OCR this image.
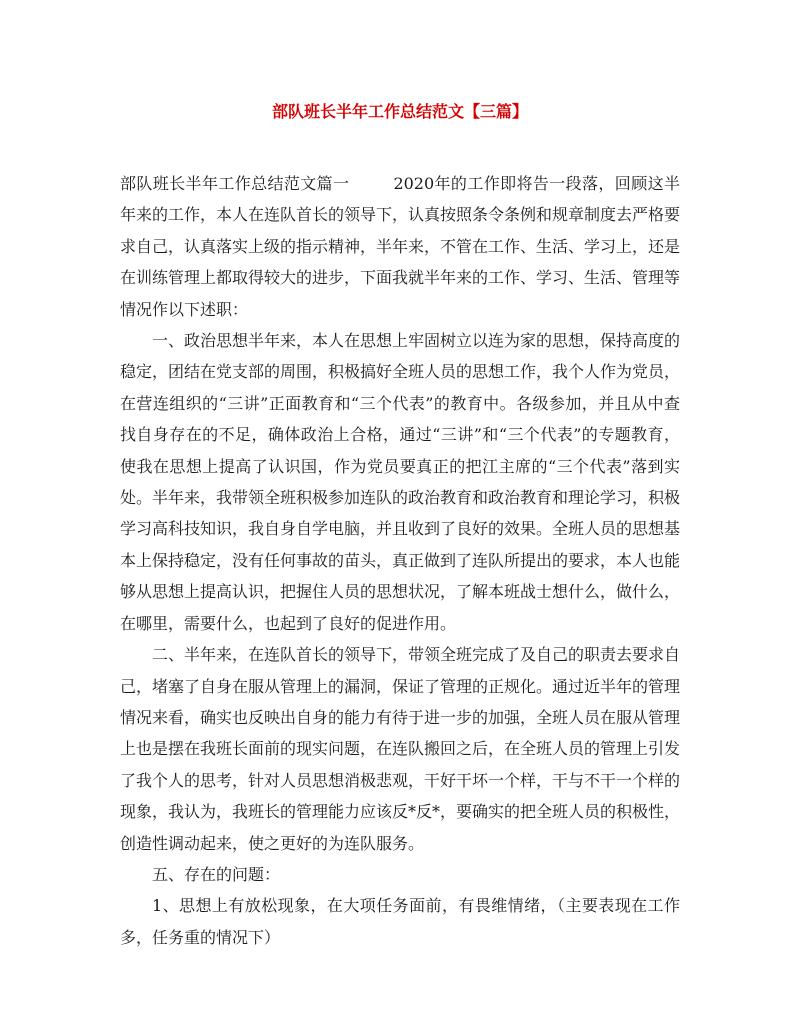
部队班长半年工作总结范文【三篇】

部队班长半年工作总结范文篇一	2020年的工作即将告一段落，回顾这半年来的工作，本人在连队首长的领导下，认真按照条令条例和规章制度去严格要求自己，认真落实上级的指示精神，半年来，不管在工作、生活、学习上，还是在训练管理上都取得较大的进步，下面我就半年来的工作、学习、生活、管理等情况作以下述职：

一、政治思想半年来，本人在思想上牢固树立以连为家的思想，保持高度的稳定，团结在党支部的周围，积极搞好全班人员的思想工作，我个人作为党员，在营连组织的“三讲”正面教育和“三个代表”的教育中。各级参加，并且从中查找自身存在的不足，确体政治上合格，通过“三讲”和“三个代表”的专题教育，使我在思想上提高了认识国，作为党员要真正的把江主席的“三个代表”落到实处。半年来，我带领全班积极参加连队的政治教育和政治教育和理论学习，积极学习高科技知识，我自身自学电脑，并且收到了良好的效果。全班人员的思想基本上保持稳定，没有任何事故的苗头，真正做到了连队所提出的要求，本人也能够从思想上提高认识，把握住人员的思想状况，了解本班战士想什么，做什么，在哪里，需要什么，也起到了良好的促进作用。

二、半年来，在连队首长的领导下，带领全班完成了及自己的职责去要求自己，堵塞了自身在服从管理上的漏洞，保证了管理的正规化。通过近半年的管理情况来看，确实也反映出自身的能力有待于进一步的加强，全班人员在服从管理上也是摆在我班长面前的现实问题，在连队搬回之后，在全班人员的管理上引发了我个人的思考，针对人员思想消极悲观，干好干坏一个样，干与不干一个样的现象，我认为，我班长的管理能力应该反*反*，要确实的把全班人员的积极性，创造性调动起来，使之更好的为连队服务。

五、存在的问题：

1、思想上有放松现象，在大项任务面前，有畏维情绪，（主要表现在工作多，任务重的情况下）
